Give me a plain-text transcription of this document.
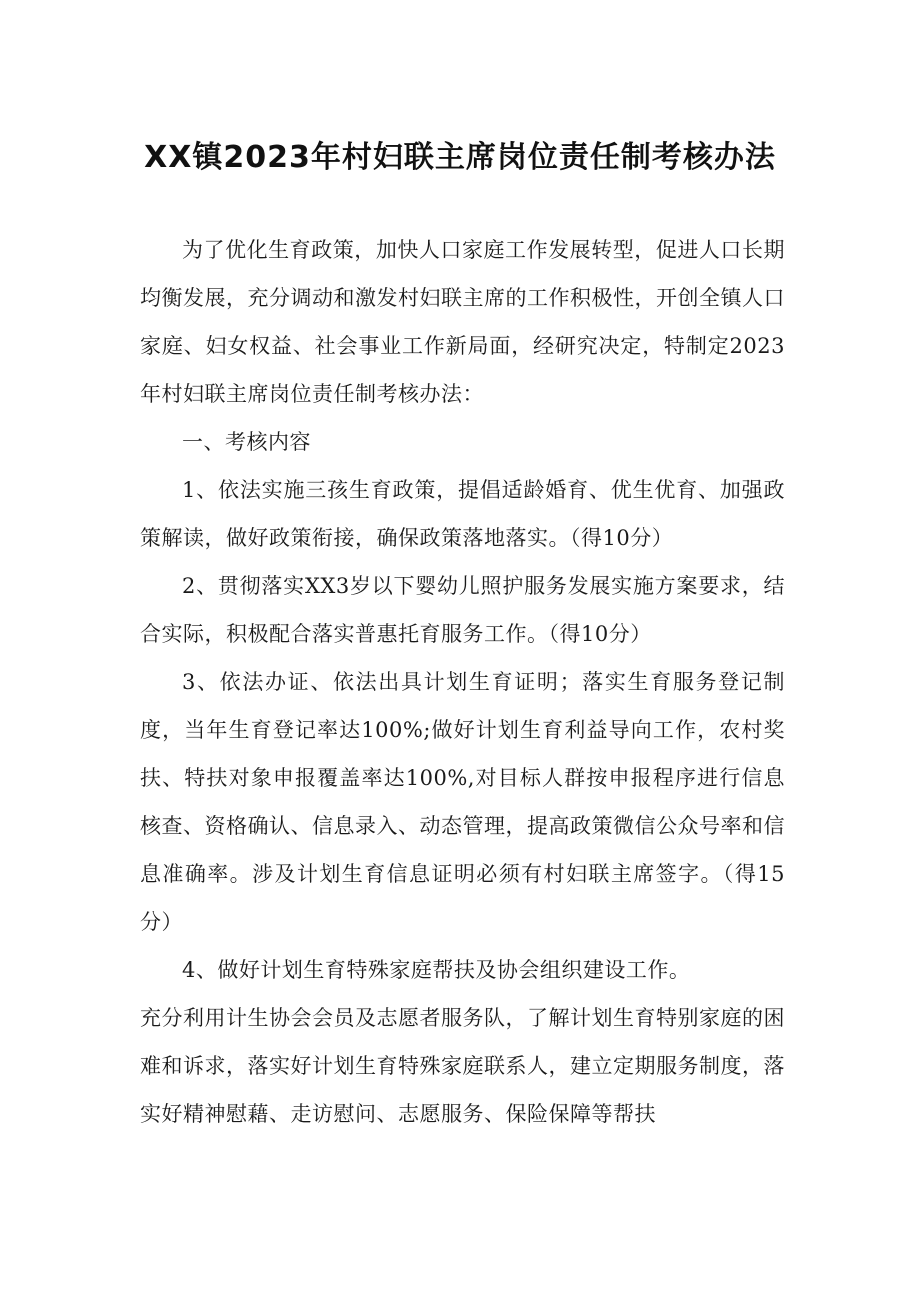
XX镇2023年村妇联主席岗位责任制考核办法

为了优化生育政策，加快人口家庭工作发展转型，促进人口长期均衡发展，充分调动和激发村妇联主席的工作积极性，开创全镇人口家庭、妇女权益、社会事业工作新局面，经研究决定，特制定2023年村妇联主席岗位责任制考核办法：

一、考核内容

1、依法实施三孩生育政策，提倡适龄婚育、优生优育、加强政策解读，做好政策衔接，确保政策落地落实。（得10分）

2、贯彻落实XX3岁以下婴幼儿照护服务发展实施方案要求，结合实际，积极配合落实普惠托育服务工作。（得10分）

3、依法办证、依法出具计划生育证明；落实生育服务登记制度，当年生育登记率达100%;做好计划生育利益导向工作，农村奖扶、特扶对象申报覆盖率达100%,对目标人群按申报程序进行信息核查、资格确认、信息录入、动态管理，提高政策微信公众号率和信息准确率。涉及计划生育信息证明必须有村妇联主席签字。（得15分）

4、做好计划生育特殊家庭帮扶及协会组织建设工作。

充分利用计生协会会员及志愿者服务队，了解计划生育特别家庭的困难和诉求，落实好计划生育特殊家庭联系人，建立定期服务制度，落实好精神慰藉、走访慰问、志愿服务、保险保障等帮扶
